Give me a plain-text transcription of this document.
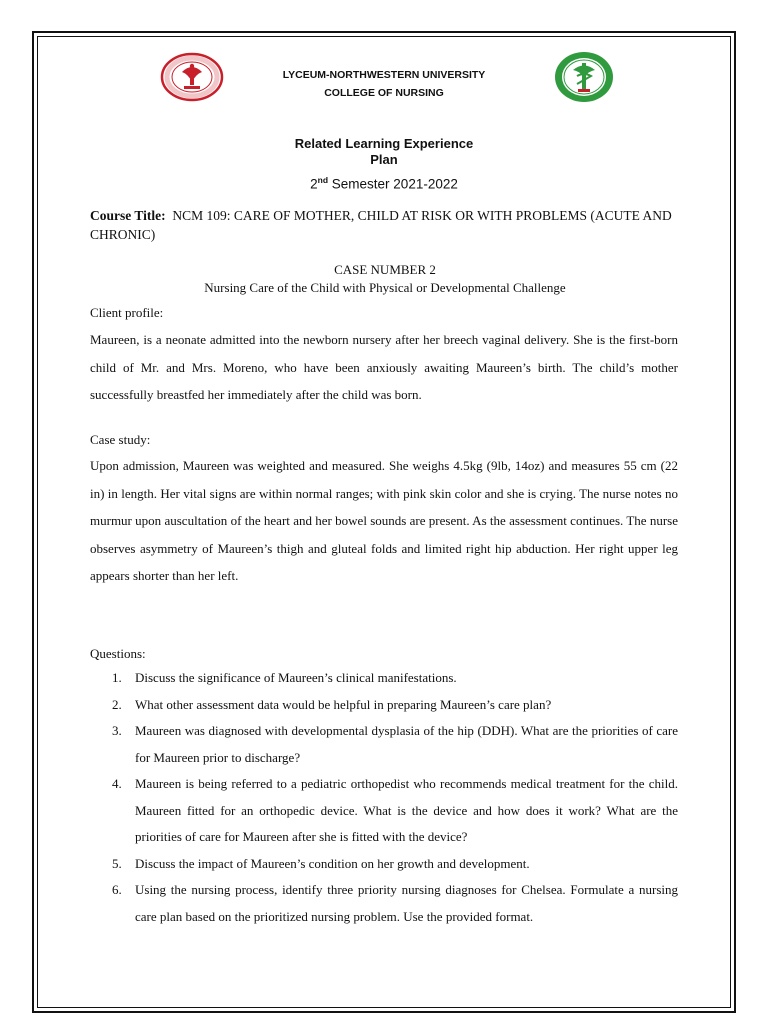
LYCEUM-NORTHWESTERN UNIVERSITY
COLLEGE OF NURSING
Related Learning Experience
Plan
2nd Semester 2021-2022
Course Title: NCM 109: CARE OF MOTHER, CHILD AT RISK OR WITH PROBLEMS (ACUTE AND CHRONIC)
CASE NUMBER 2
Nursing Care of the Child with Physical or Developmental Challenge
Client profile:
Maureen, is a neonate admitted into the newborn nursery after her breech vaginal delivery. She is the first-born child of Mr. and Mrs. Moreno, who have been anxiously awaiting Maureen’s birth. The child’s mother successfully breastfed her immediately after the child was born.
Case study:
Upon admission, Maureen was weighted and measured. She weighs 4.5kg (9lb, 14oz) and measures 55 cm (22 in) in length. Her vital signs are within normal ranges; with pink skin color and she is crying. The nurse notes no murmur upon auscultation of the heart and her bowel sounds are present. As the assessment continues. The nurse observes asymmetry of Maureen’s thigh and gluteal folds and limited right hip abduction. Her right upper leg appears shorter than her left.
Questions:
1. Discuss the significance of Maureen’s clinical manifestations.
2. What other assessment data would be helpful in preparing Maureen’s care plan?
3. Maureen was diagnosed with developmental dysplasia of the hip (DDH). What are the priorities of care for Maureen prior to discharge?
4. Maureen is being referred to a pediatric orthopedist who recommends medical treatment for the child. Maureen fitted for an orthopedic device. What is the device and how does it work? What are the priorities of care for Maureen after she is fitted with the device?
5. Discuss the impact of Maureen’s condition on her growth and development.
6. Using the nursing process, identify three priority nursing diagnoses for Chelsea. Formulate a nursing care plan based on the prioritized nursing problem. Use the provided format.
